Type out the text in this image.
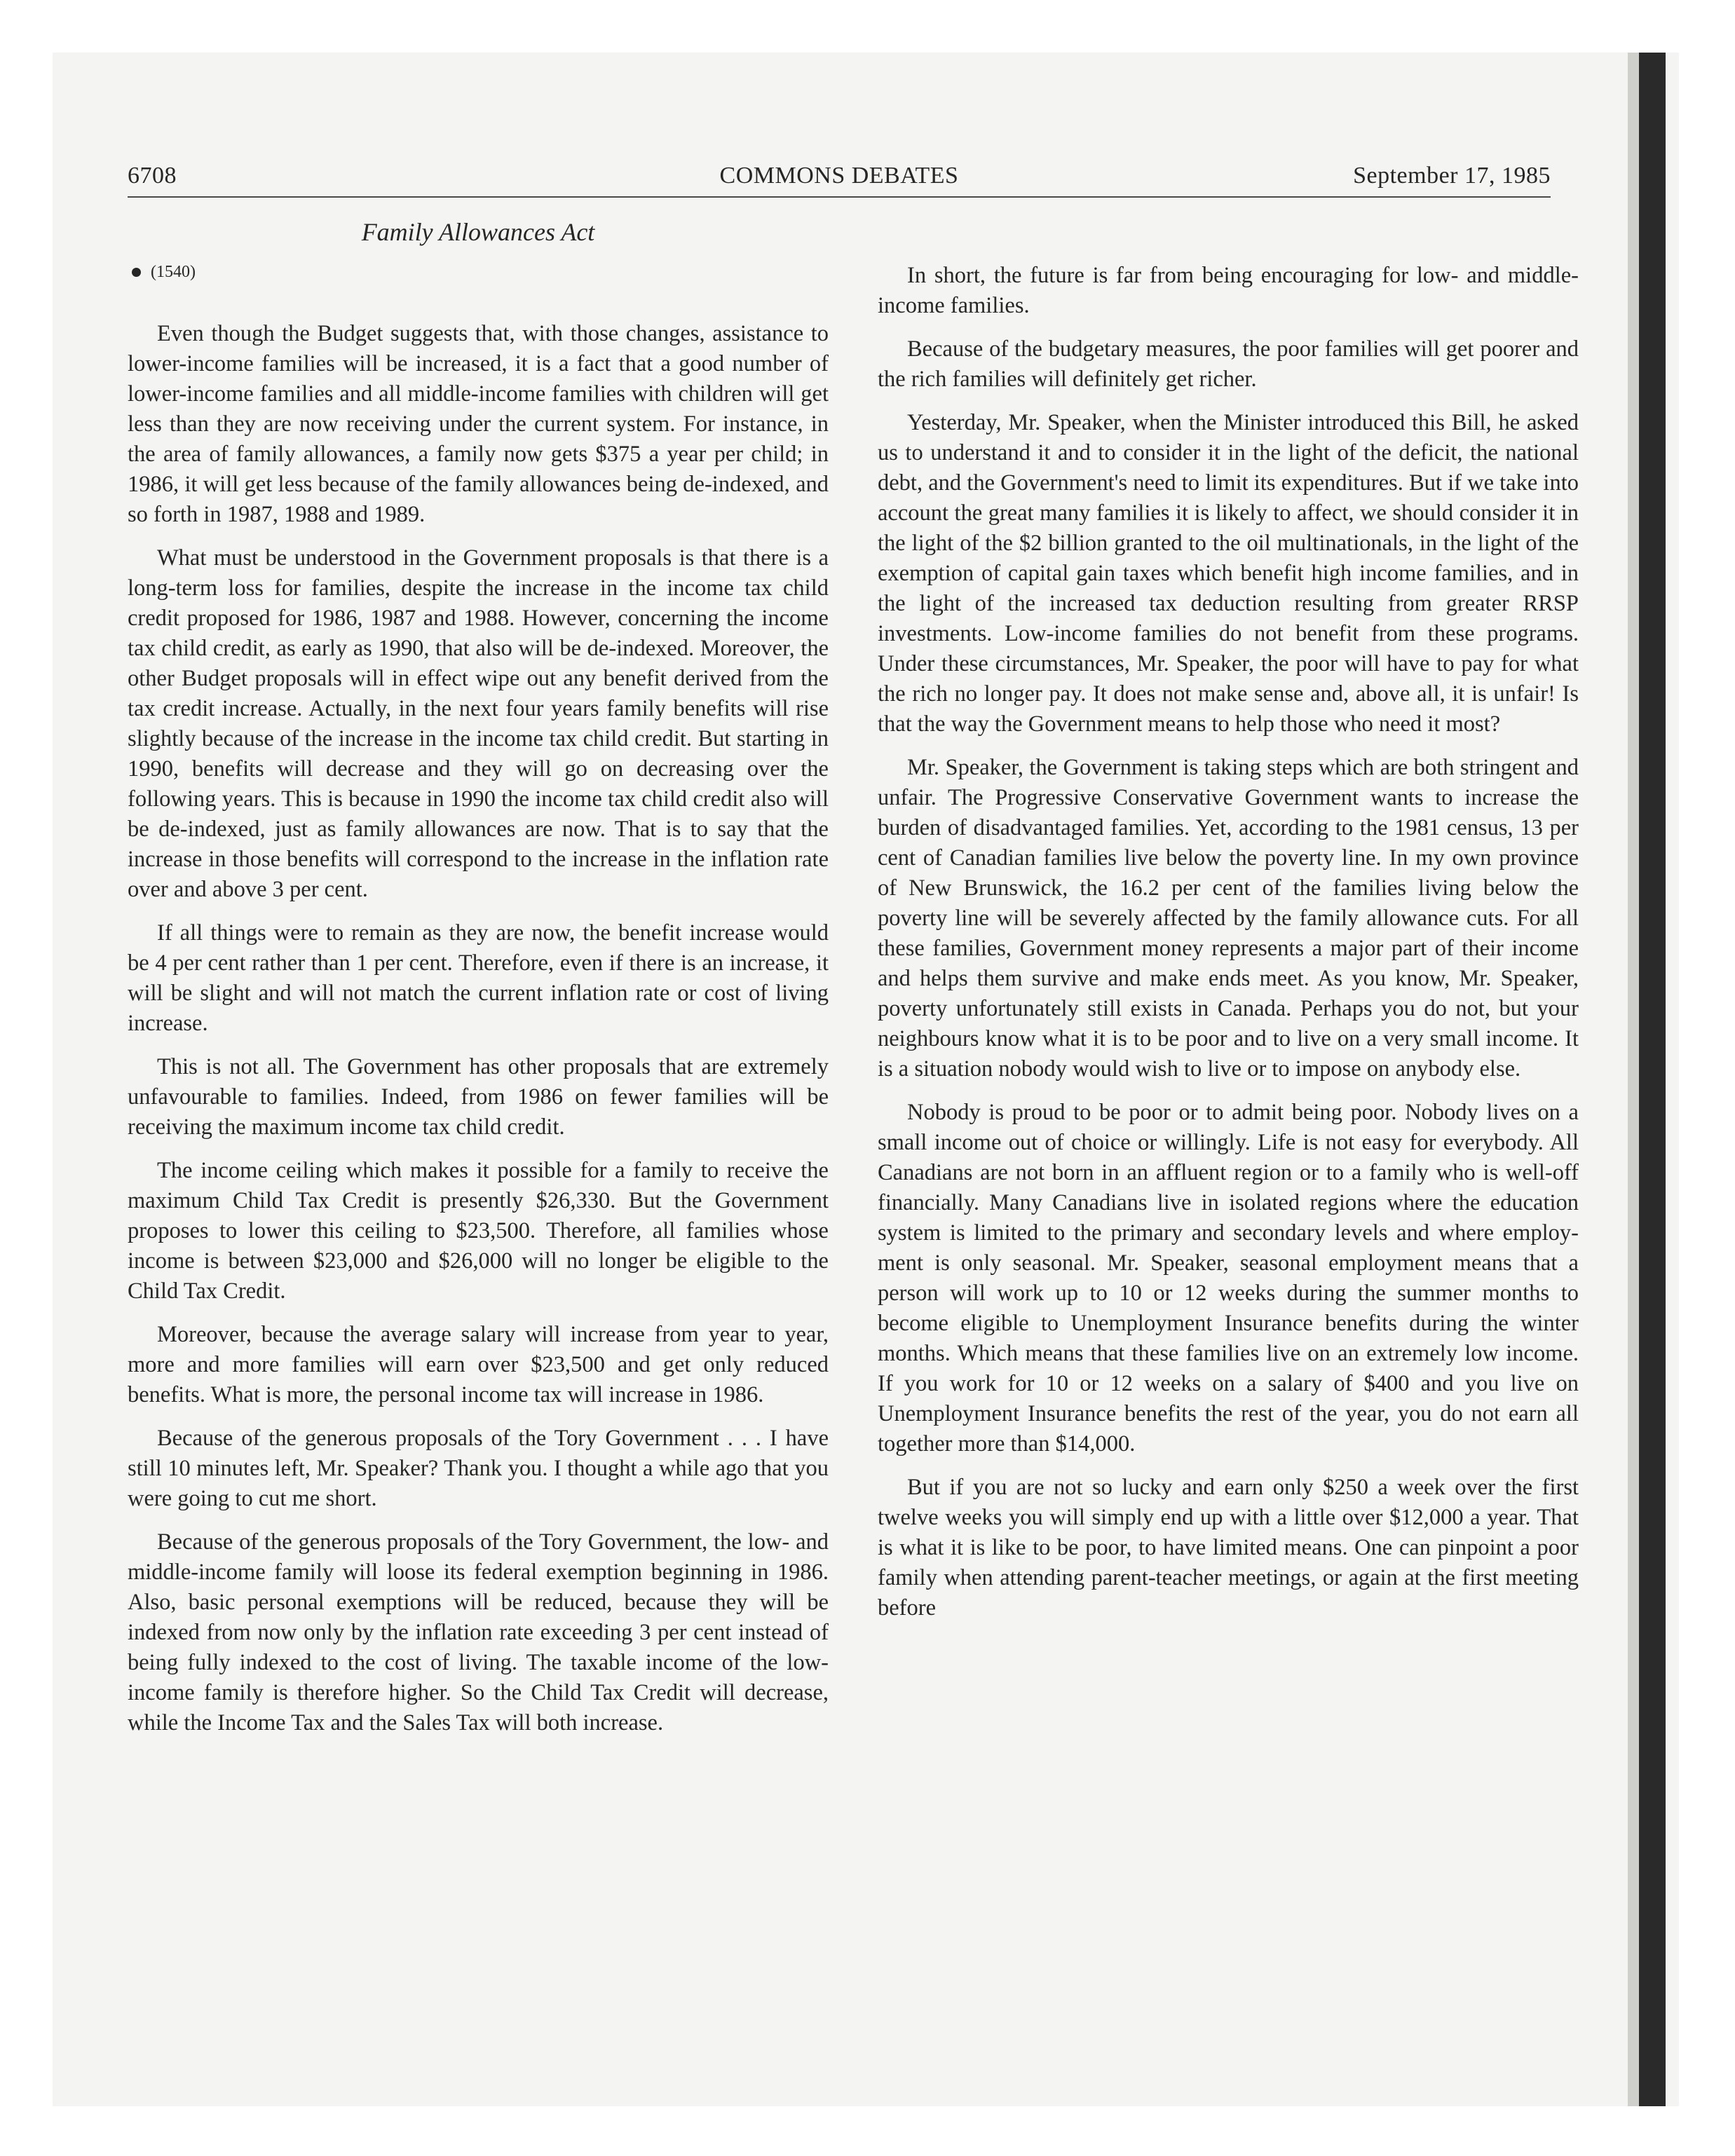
6708	COMMONS DEBATES	September 17, 1985
Family Allowances Act
(1540)

Even though the Budget suggests that, with those changes, assistance to lower-income families will be increased, it is a fact that a good number of lower-income families and all middle-income families with children will get less than they are now receiving under the current system. For instance, in the area of family allowances, a family now gets $375 a year per child; in 1986, it will get less because of the family allowances being de-indexed, and so forth in 1987, 1988 and 1989.

What must be understood in the Government proposals is that there is a long-term loss for families, despite the increase in the income tax child credit proposed for 1986, 1987 and 1988. However, concerning the income tax child credit, as early as 1990, that also will be de-indexed. Moreover, the other Budget proposals will in effect wipe out any benefit derived from the tax credit increase. Actually, in the next four years family benefits will rise slightly because of the increase in the income tax child credit. But starting in 1990, benefits will decrease and they will go on decreasing over the following years. This is because in 1990 the income tax child credit also will be de-indexed, just as family allowances are now. That is to say that the increase in those benefits will correspond to the increase in the inflation rate over and above 3 per cent.

If all things were to remain as they are now, the benefit increase would be 4 per cent rather than 1 per cent. Therefore, even if there is an increase, it will be slight and will not match the current inflation rate or cost of living increase.

This is not all. The Government has other proposals that are extremely unfavourable to families. Indeed, from 1986 on fewer families will be receiving the maximum income tax child credit.

The income ceiling which makes it possible for a family to receive the maximum Child Tax Credit is presently $26,330. But the Government proposes to lower this ceiling to $23,500. Therefore, all families whose income is between $23,000 and $26,000 will no longer be eligible to the Child Tax Credit.

Moreover, because the average salary will increase from year to year, more and more families will earn over $23,500 and get only reduced benefits. What is more, the personal income tax will increase in 1986.

Because of the generous proposals of the Tory Government . . . I have still 10 minutes left, Mr. Speaker? Thank you. I thought a while ago that you were going to cut me short.

Because of the generous proposals of the Tory Government, the low- and middle-income family will loose its federal exemption beginning in 1986. Also, basic personal exemptions will be reduced, because they will be indexed from now only by the inflation rate exceeding 3 per cent instead of being fully indexed to the cost of living. The taxable income of the low-income family is therefore higher. So the Child Tax Credit will decrease, while the Income Tax and the Sales Tax will both increase.

In short, the future is far from being encouraging for low- and middle-income families.

Because of the budgetary measures, the poor families will get poorer and the rich families will definitely get richer.

Yesterday, Mr. Speaker, when the Minister introduced this Bill, he asked us to understand it and to consider it in the light of the deficit, the national debt, and the Government's need to limit its expenditures. But if we take into account the great many families it is likely to affect, we should consider it in the light of the $2 billion granted to the oil multinationals, in the light of the exemption of capital gain taxes which benefit high income families, and in the light of the increased tax deduction resulting from greater RRSP investments. Low-income families do not benefit from these programs. Under these circumstances, Mr. Speaker, the poor will have to pay for what the rich no longer pay. It does not make sense and, above all, it is unfair! Is that the way the Government means to help those who need it most?

Mr. Speaker, the Government is taking steps which are both stringent and unfair. The Progressive Conservative Government wants to increase the burden of disadvantaged families. Yet, according to the 1981 census, 13 per cent of Canadian families live below the poverty line. In my own province of New Brunswick, the 16.2 per cent of the families living below the poverty line will be severely affected by the family allowance cuts. For all these families, Government money represents a major part of their income and helps them survive and make ends meet. As you know, Mr. Speaker, poverty unfortunately still exists in Canada. Perhaps you do not, but your neighbours know what it is to be poor and to live on a very small income. It is a situation nobody would wish to live or to impose on anybody else.

Nobody is proud to be poor or to admit being poor. Nobody lives on a small income out of choice or willingly. Life is not easy for everybody. All Canadians are not born in an affluent region or to a family who is well-off financially. Many Canadians live in isolated regions where the education system is limited to the primary and secondary levels and where employment is only seasonal. Mr. Speaker, seasonal employment means that a person will work up to 10 or 12 weeks during the summer months to become eligible to Unemployment Insurance benefits during the winter months. Which means that these families live on an extremely low income. If you work for 10 or 12 weeks on a salary of $400 and you live on Unemployment Insurance benefits the rest of the year, you do not earn all together more than $14,000.

But if you are not so lucky and earn only $250 a week over the first twelve weeks you will simply end up with a little over $12,000 a year. That is what it is like to be poor, to have limited means. One can pinpoint a poor family when attending parent-teacher meetings, or again at the first meeting before
